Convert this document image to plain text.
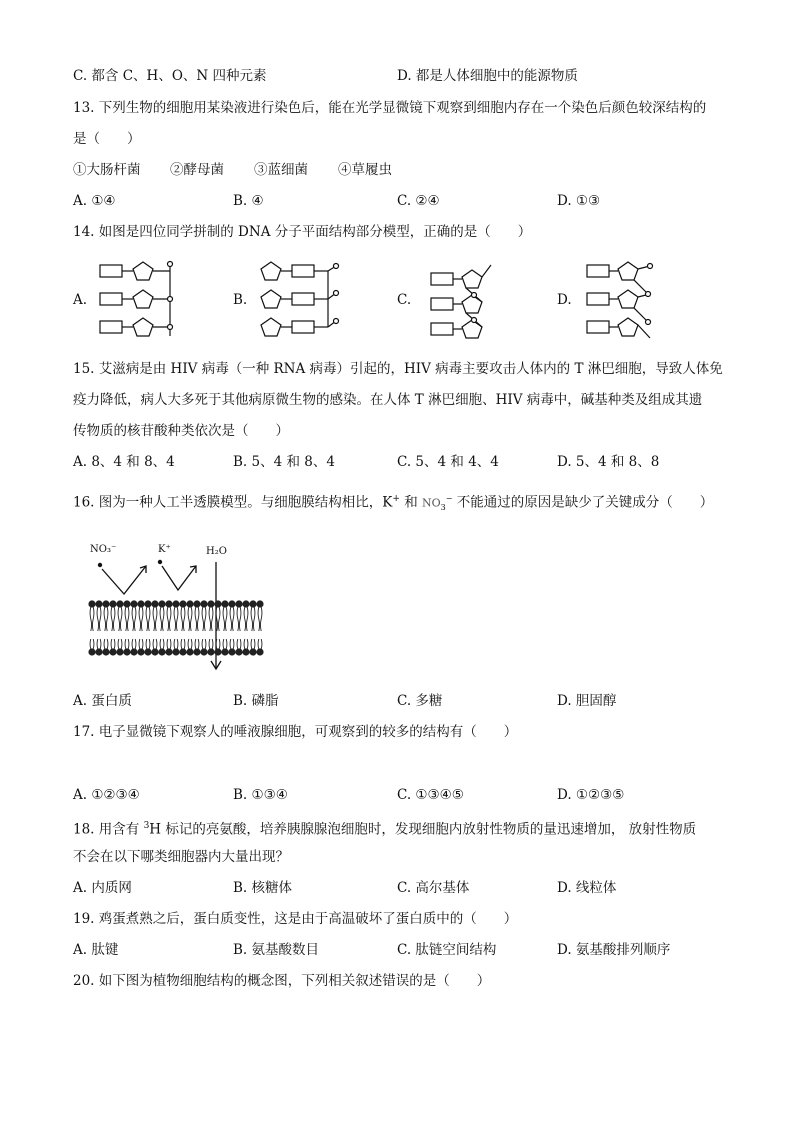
C. 都含 C、H、O、N 四种元素	D. 都是人体细胞中的能源物质
13. 下列生物的细胞用某染液进行染色后，能在光学显微镜下观察到细胞内存在一个染色后颜色较深结构的
是（　　）
①大肠杆菌 ②酵母菌 ③蓝细菌 ④草履虫
A. ①④	B. ④	C. ②④	D. ①③
14. 如图是四位同学拼制的 DNA 分子平面结构部分模型，正确的是（　　）
A.	B.	C.	D.
15. 艾滋病是由 HIV 病毒（一种 RNA 病毒）引起的，HIV 病毒主要攻击人体内的 T 淋巴细胞，导致人体免
疫力降低，病人大多死于其他病原微生物的感染。在人体 T 淋巴细胞、HIV 病毒中，碱基种类及组成其遗
传物质的核苷酸种类依次是（　　）
A. 8、4 和 8、4	B. 5、4 和 8、4	C. 5、4 和 4、4	D. 5、4 和 8、8
16. 图为一种人工半透膜模型。与细胞膜结构相比，K+ 和 $NO_3^-$ 不能通过的原因是缺少了关键成分（　　）
NO₃⁻	K⁺	H₂O
A. 蛋白质	B. 磷脂	C. 多糖	D. 胆固醇
17. 电子显微镜下观察人的唾液腺细胞，可观察到的较多的结构有（　　）
A. ①②③④	B. ①③④	C. ①③④⑤	D. ①②③⑤
18. 用含有 $^3$H 标记的亮氨酸，培养胰腺腺泡细胞时，发现细胞内放射性物质的量迅速增加， 放射性物质
不会在以下哪类细胞器内大量出现？
A. 内质网	B. 核糖体	C. 高尔基体	D. 线粒体
19. 鸡蛋煮熟之后，蛋白质变性，这是由于高温破坏了蛋白质中的（　　）
A. 肽键	B. 氨基酸数目	C. 肽链空间结构	D. 氨基酸排列顺序
20. 如下图为植物细胞结构的概念图，下列相关叙述错误的是（　　）
